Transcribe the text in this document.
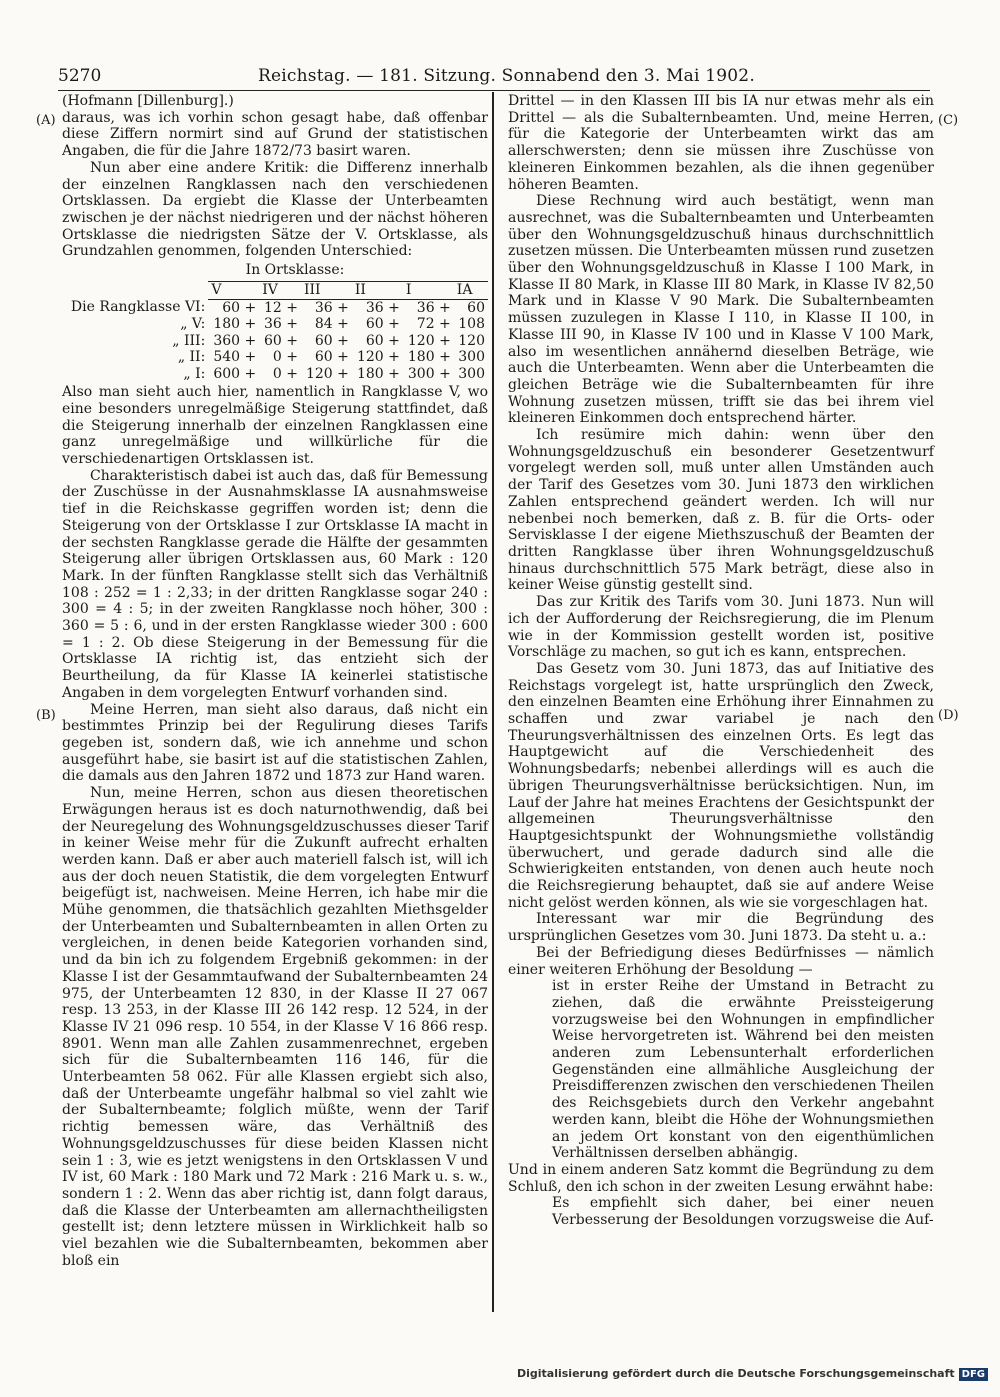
5270	Reichstag. — 181. Sitzung. Sonnabend den 3. Mai 1902.
(A)
(B)
(C)
(D)

(Hofmann [Dillenburg].)

daraus, was ich vorhin schon gesagt habe, daß offenbar diese Ziffern normirt sind auf Grund der statistischen Angaben, die für die Jahre 1872/73 basirt waren.

Nun aber eine andere Kritik: die Differenz innerhalb der einzelnen Rangklassen nach den verschiedenen Ortsklassen. Da ergiebt die Klasse der Unterbeamten zwischen je der nächst niedrigeren und der nächst höheren Ortsklasse die niedrigsten Sätze der V. Ortsklasse, als Grundzahlen genommen, folgenden Unterschied:

In Ortsklasse:
	V	IV	III	II	I	IA
Die Rangklasse VI:	60 +	12 +	36 +	36 +	36 +	60
„ V:	180 +	36 +	84 +	60 +	72 +	108
„ III:	360 +	60 +	60 +	60 +	120 +	120
„ II:	540 +	0 +	60 +	120 +	180 +	300
„ I:	600 +	0 +	120 +	180 +	300 +	300

Also man sieht auch hier, namentlich in Rangklasse V, wo eine besonders unregelmäßige Steigerung stattfindet, daß die Steigerung innerhalb der einzelnen Rangklassen eine ganz unregelmäßige und willkürliche für die verschiedenartigen Ortsklassen ist.

Charakteristisch dabei ist auch das, daß für Bemessung der Zuschüsse in der Ausnahmsklasse IA ausnahmsweise tief in die Reichskasse gegriffen worden ist; denn die Steigerung von der Ortsklasse I zur Ortsklasse IA macht in der sechsten Rangklasse gerade die Hälfte der gesammten Steigerung aller übrigen Ortsklassen aus, 60 Mark : 120 Mark. In der fünften Rangklasse stellt sich das Verhältniß 108 : 252 = 1 : 2,33; in der dritten Rangklasse sogar 240 : 300 = 4 : 5; in der zweiten Rangklasse noch höher, 300 : 360 = 5 : 6, und in der ersten Rangklasse wieder 300 : 600 = 1 : 2. Ob diese Steigerung in der Bemessung für die Ortsklasse IA richtig ist, das entzieht sich der Beurtheilung, da für Klasse IA keinerlei statistische Angaben in dem vorgelegten Entwurf vorhanden sind.

Meine Herren, man sieht also daraus, daß nicht ein bestimmtes Prinzip bei der Regulirung dieses Tarifs gegeben ist, sondern daß, wie ich annehme und schon ausgeführt habe, sie basirt ist auf die statistischen Zahlen, die damals aus den Jahren 1872 und 1873 zur Hand waren.

Nun, meine Herren, schon aus diesen theoretischen Erwägungen heraus ist es doch naturnothwendig, daß bei der Neuregelung des Wohnungsgeldzuschusses dieser Tarif in keiner Weise mehr für die Zukunft aufrecht erhalten werden kann. Daß er aber auch materiell falsch ist, will ich aus der doch neuen Statistik, die dem vorgelegten Entwurf beigefügt ist, nachweisen. Meine Herren, ich habe mir die Mühe genommen, die thatsächlich gezahlten Miethsgelder der Unterbeamten und Subalternbeamten in allen Orten zu vergleichen, in denen beide Kategorien vorhanden sind, und da bin ich zu folgendem Ergebniß gekommen: in der Klasse I ist der Gesammtaufwand der Subalternbeamten 24 975, der Unterbeamten 12 830, in der Klasse II 27 067 resp. 13 253, in der Klasse III 26 142 resp. 12 524, in der Klasse IV 21 096 resp. 10 554, in der Klasse V 16 866 resp. 8901. Wenn man alle Zahlen zusammenrechnet, ergeben sich für die Subalternbeamten 116 146, für die Unterbeamten 58 062. Für alle Klassen ergiebt sich also, daß der Unterbeamte ungefähr halbmal so viel zahlt wie der Subalternbeamte; folglich müßte, wenn der Tarif richtig bemessen wäre, das Verhältniß des Wohnungsgeldzuschusses für diese beiden Klassen nicht sein 1 : 3, wie es jetzt wenigstens in den Ortsklassen V und IV ist, 60 Mark : 180 Mark und 72 Mark : 216 Mark u. s. w., sondern 1 : 2. Wenn das aber richtig ist, dann folgt daraus, daß die Klasse der Unterbeamten am allernachtheiligsten gestellt ist; denn letztere müssen in Wirklichkeit halb so viel bezahlen wie die Subalternbeamten, bekommen aber bloß ein

Drittel — in den Klassen III bis IA nur etwas mehr als ein Drittel — als die Subalternbeamten. Und, meine Herren, für die Kategorie der Unterbeamten wirkt das am allerschwersten; denn sie müssen ihre Zuschüsse von kleineren Einkommen bezahlen, als die ihnen gegenüber höheren Beamten.

Diese Rechnung wird auch bestätigt, wenn man ausrechnet, was die Subalternbeamten und Unterbeamten über den Wohnungsgeldzuschuß hinaus durchschnittlich zusetzen müssen. Die Unterbeamten müssen rund zusetzen über den Wohnungsgeldzuschuß in Klasse I 100 Mark, in Klasse II 80 Mark, in Klasse III 80 Mark, in Klasse IV 82,50 Mark und in Klasse V 90 Mark. Die Subalternbeamten müssen zuzulegen in Klasse I 110, in Klasse II 100, in Klasse III 90, in Klasse IV 100 und in Klasse V 100 Mark, also im wesentlichen annähernd dieselben Beträge, wie auch die Unterbeamten. Wenn aber die Unterbeamten die gleichen Beträge wie die Subalternbeamten für ihre Wohnung zusetzen müssen, trifft sie das bei ihrem viel kleineren Einkommen doch entsprechend härter.

Ich resümire mich dahin: wenn über den Wohnungsgeldzuschuß ein besonderer Gesetzentwurf vorgelegt werden soll, muß unter allen Umständen auch der Tarif des Gesetzes vom 30. Juni 1873 den wirklichen Zahlen entsprechend geändert werden. Ich will nur nebenbei noch bemerken, daß z. B. für die Orts- oder Servisklasse I der eigene Miethszuschuß der Beamten der dritten Rangklasse über ihren Wohnungsgeldzuschuß hinaus durchschnittlich 575 Mark beträgt, diese also in keiner Weise günstig gestellt sind.

Das zur Kritik des Tarifs vom 30. Juni 1873. Nun will ich der Aufforderung der Reichsregierung, die im Plenum wie in der Kommission gestellt worden ist, positive Vorschläge zu machen, so gut ich es kann, entsprechen.

Das Gesetz vom 30. Juni 1873, das auf Initiative des Reichstags vorgelegt ist, hatte ursprünglich den Zweck, den einzelnen Beamten eine Erhöhung ihrer Einnahmen zu schaffen und zwar variabel je nach den Theurungsverhältnissen des einzelnen Orts. Es legt das Hauptgewicht auf die Verschiedenheit des Wohnungsbedarfs; nebenbei allerdings will es auch die übrigen Theurungsverhältnisse berücksichtigen. Nun, im Lauf der Jahre hat meines Erachtens der Gesichtspunkt der allgemeinen Theurungsverhältnisse den Hauptgesichtspunkt der Wohnungsmiethe vollständig überwuchert, und gerade dadurch sind alle die Schwierigkeiten entstanden, von denen auch heute noch die Reichsregierung behauptet, daß sie auf andere Weise nicht gelöst werden können, als wie sie vorgeschlagen hat.

Interessant war mir die Begründung des ursprünglichen Gesetzes vom 30. Juni 1873. Da steht u. a.:

Bei der Befriedigung dieses Bedürfnisses — nämlich einer weiteren Erhöhung der Besoldung —

ist in erster Reihe der Umstand in Betracht zu ziehen, daß die erwähnte Preissteigerung vorzugsweise bei den Wohnungen in empfindlicher Weise hervorgetreten ist. Während bei den meisten anderen zum Lebensunterhalt erforderlichen Gegenständen eine allmähliche Ausgleichung der Preisdifferenzen zwischen den verschiedenen Theilen des Reichsgebiets durch den Verkehr angebahnt werden kann, bleibt die Höhe der Wohnungsmiethen an jedem Ort konstant von den eigenthümlichen Verhältnissen derselben abhängig.

Und in einem anderen Satz kommt die Begründung zu dem Schluß, den ich schon in der zweiten Lesung erwähnt habe:

Es empfiehlt sich daher, bei einer neuen Verbesserung der Besoldungen vorzugsweise die Auf-

Digitalisierung gefördert durch die Deutsche Forschungsgemeinschaft DFG
